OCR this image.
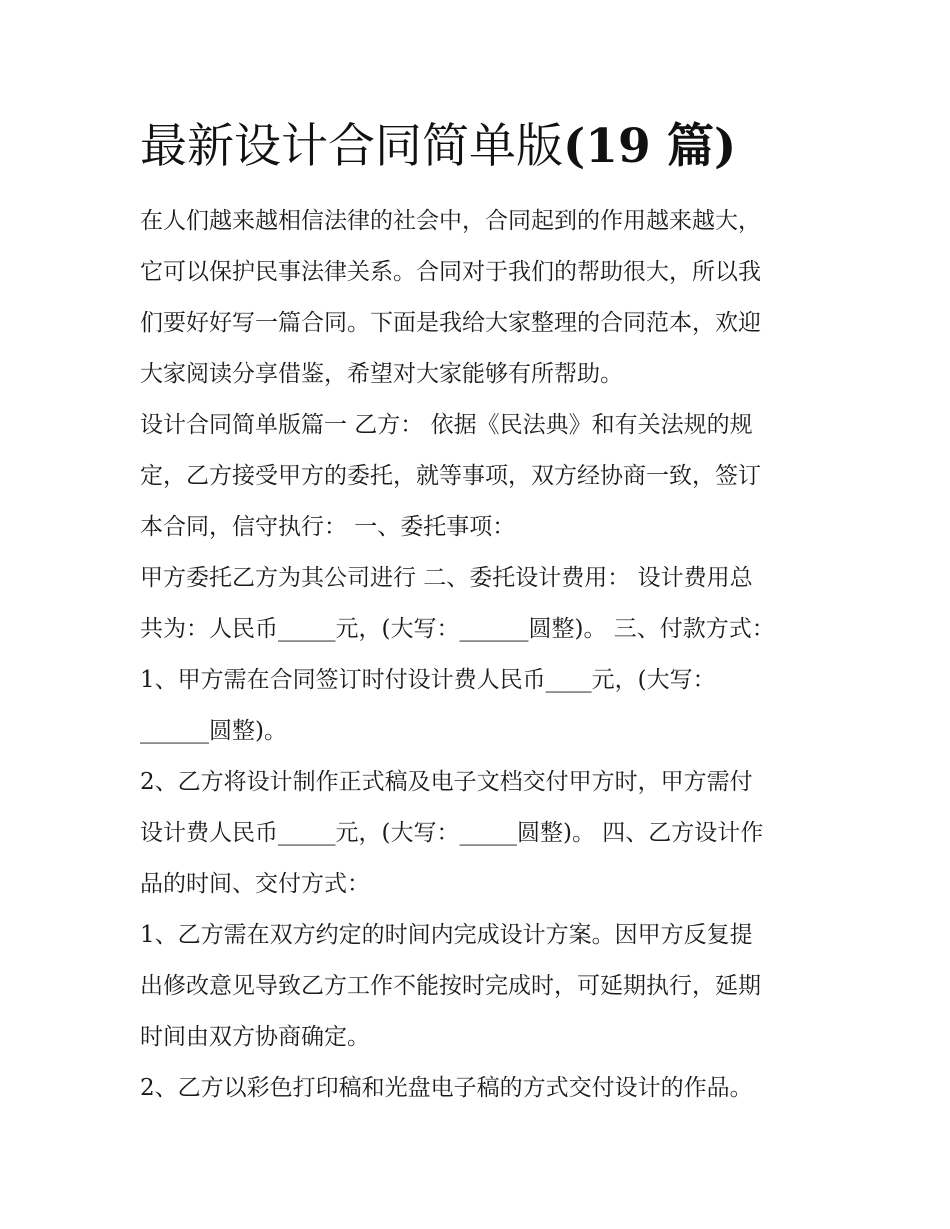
最新设计合同简单版(19 篇)
在人们越来越相信法律的社会中，合同起到的作用越来越大，
它可以保护民事法律关系。合同对于我们的帮助很大，所以我
们要好好写一篇合同。下面是我给大家整理的合同范本，欢迎
大家阅读分享借鉴，希望对大家能够有所帮助。
设计合同简单版篇一 乙方： 依据《民法典》和有关法规的规
定，乙方接受甲方的委托，就等事项，双方经协商一致，签订
本合同，信守执行： 一、委托事项：
甲方委托乙方为其公司进行 二、委托设计费用： 设计费用总
共为：人民币_____元，(大写：______圆整)。 三、付款方式：
1、甲方需在合同签订时付设计费人民币____元，(大写：
______圆整)。
2、乙方将设计制作正式稿及电子文档交付甲方时，甲方需付
设计费人民币_____元，(大写：_____圆整)。 四、乙方设计作
品的时间、交付方式：
1、乙方需在双方约定的时间内完成设计方案。因甲方反复提
出修改意见导致乙方工作不能按时完成时，可延期执行，延期
时间由双方协商确定。
2、乙方以彩色打印稿和光盘电子稿的方式交付设计的作品。
